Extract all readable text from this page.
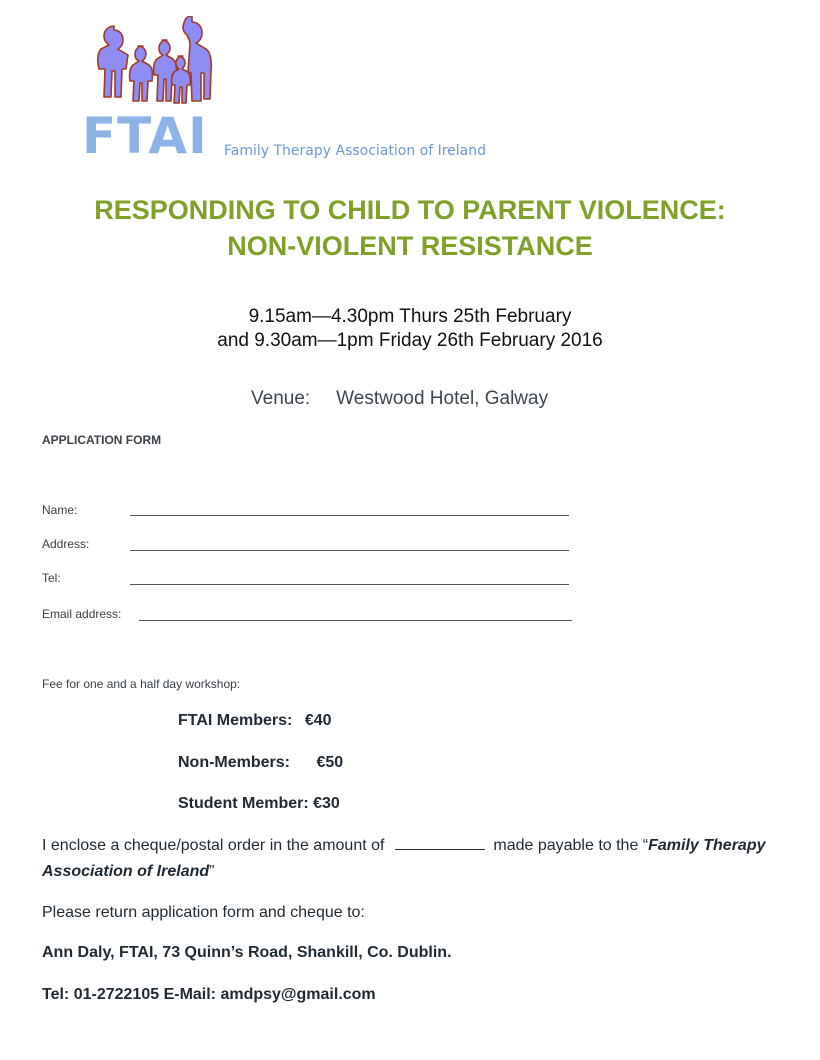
FTAI Family Therapy Association of Ireland
RESPONDING TO CHILD TO PARENT VIOLENCE:
NON-VIOLENT RESISTANCE
9.15am—4.30pm Thurs 25th February
and 9.30am—1pm Friday 26th February 2016
Venue: Westwood Hotel, Galway
APPLICATION FORM
Name:
Address:
Tel:
Email address:
Fee for one and a half day workshop:
FTAI Members: €40
Non-Members: €50
Student Member: €30
I enclose a cheque/postal order in the amount of	made payable to the “Family Therapy Association of Ireland”
Please return application form and cheque to:
Ann Daly, FTAI, 73 Quinn’s Road, Shankill, Co. Dublin.
Tel: 01-2722105 E-Mail: amdpsy@gmail.com
